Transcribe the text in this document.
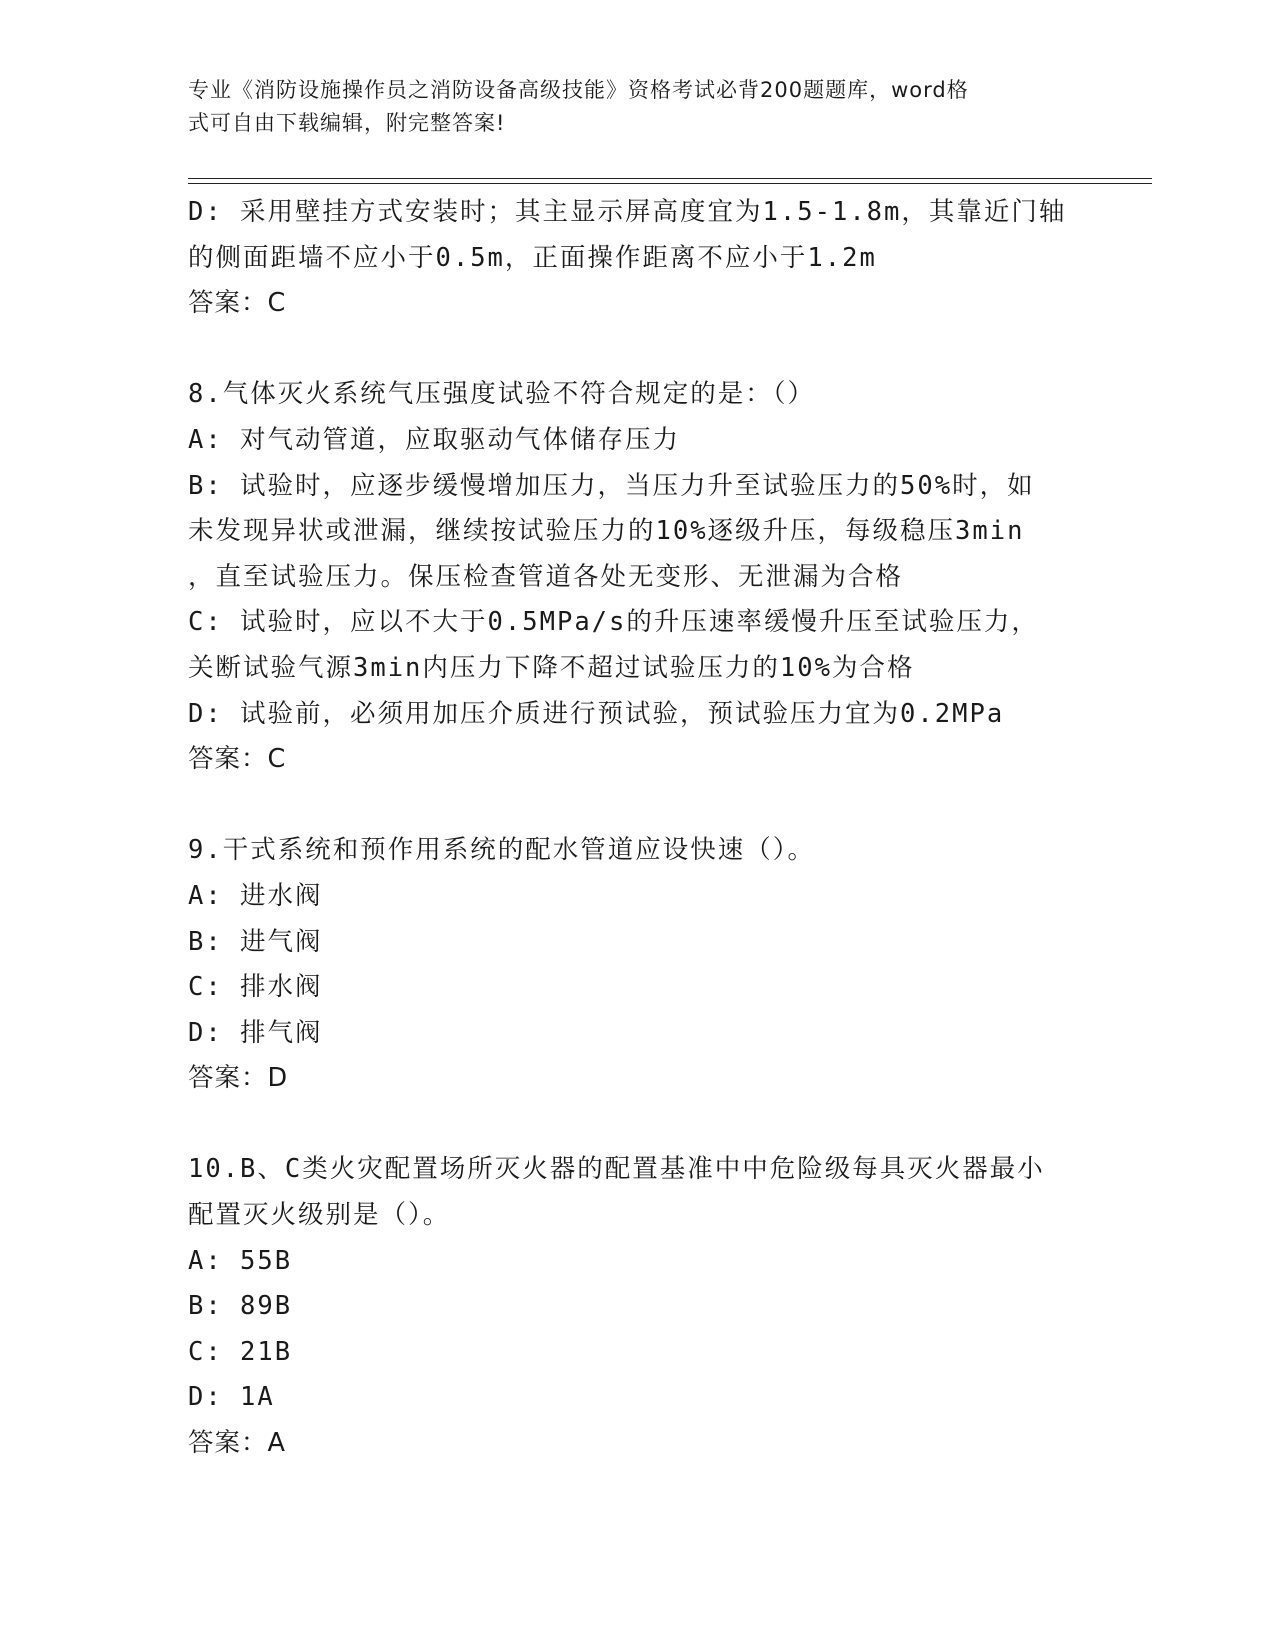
专业《消防设施操作员之消防设备高级技能》资格考试必背200题题库，word格
式可自由下载编辑，附完整答案!
D: 采用壁挂方式安装时；其主显示屏高度宜为1.5-1.8m，其靠近门轴
的侧面距墙不应小于0.5m，正面操作距离不应小于1.2m
答案：C
8.气体灭火系统气压强度试验不符合规定的是：（）
A: 对气动管道，应取驱动气体储存压力
B: 试验时，应逐步缓慢增加压力，当压力升至试验压力的50%时，如
未发现异状或泄漏，继续按试验压力的10%逐级升压，每级稳压3min
，直至试验压力。保压检查管道各处无变形、无泄漏为合格
C: 试验时，应以不大于0.5MPa/s的升压速率缓慢升压至试验压力，
关断试验气源3min内压力下降不超过试验压力的10%为合格
D: 试验前，必须用加压介质进行预试验，预试验压力宜为0.2MPa
答案：C
9.干式系统和预作用系统的配水管道应设快速（）。
A: 进水阀
B: 进气阀
C: 排水阀
D: 排气阀
答案：D
10.B、C类火灾配置场所灭火器的配置基准中中危险级每具灭火器最小
配置灭火级别是（）。
A: 55B
B: 89B
C: 21B
D: 1A
答案：A
